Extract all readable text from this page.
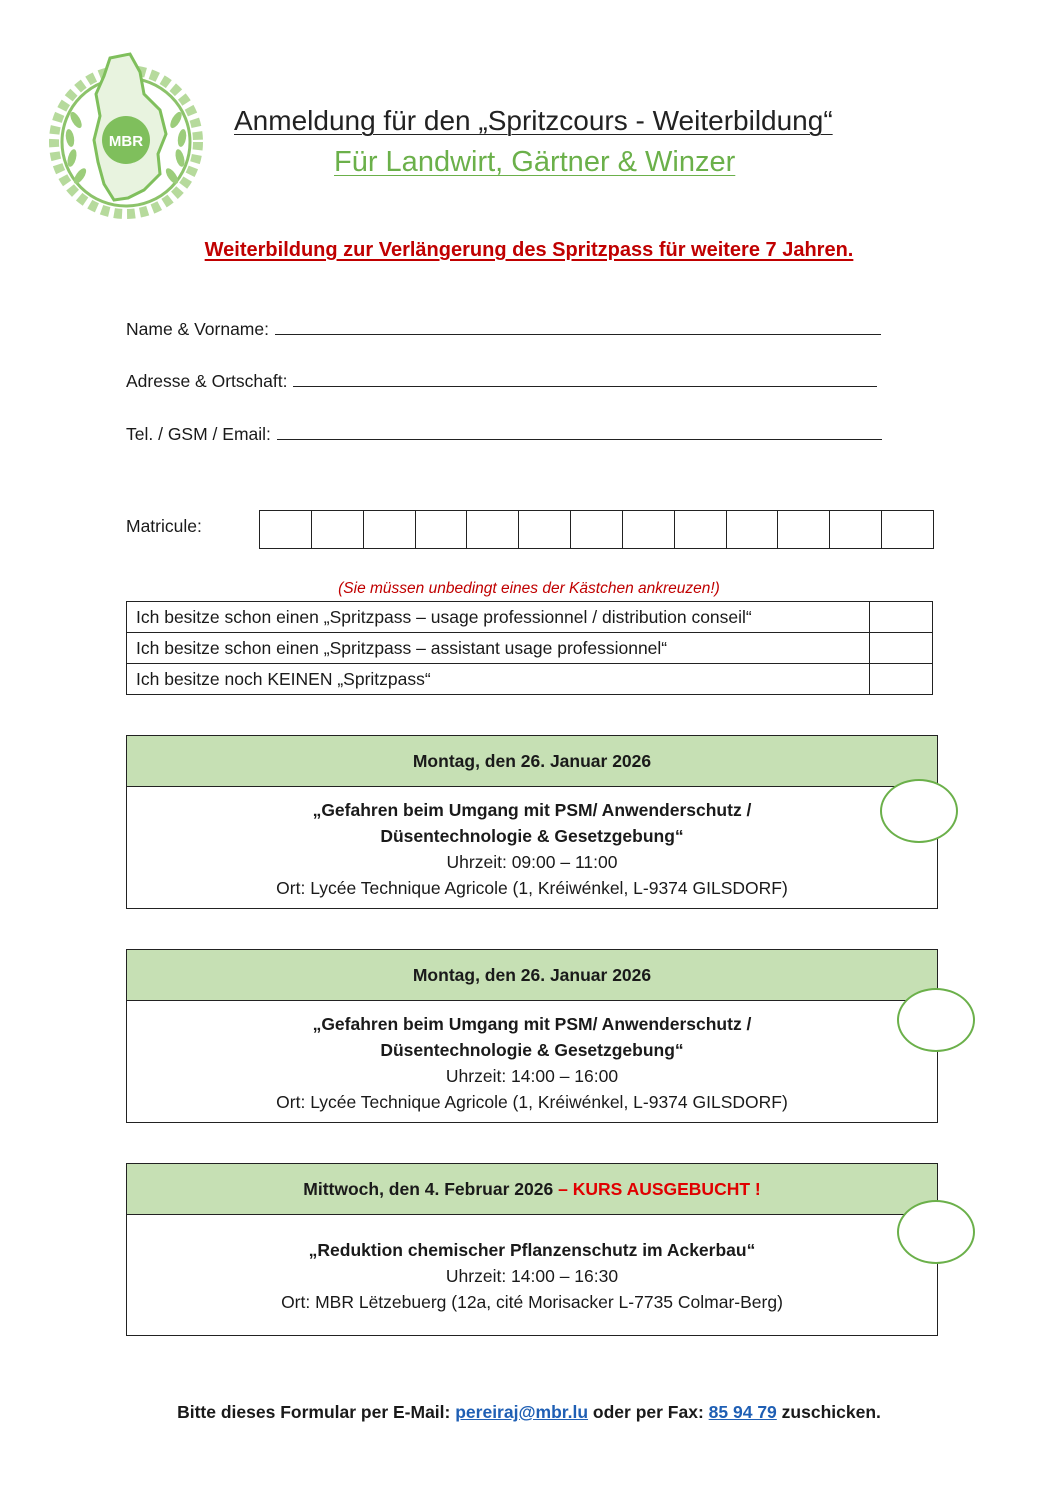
MBR
Anmeldung für den „Spritzcours - Weiterbildung“
Für Landwirt, Gärtner & Winzer
Weiterbildung zur Verlängerung des Spritzpass für weitere 7 Jahren.
Name & Vorname:
Adresse & Ortschaft:
Tel. / GSM / Email:
Matricule:
(Sie müssen unbedingt eines der Kästchen ankreuzen!)
Ich besitze schon einen „Spritzpass – usage professionnel / distribution conseil“	
Ich besitze schon einen „Spritzpass – assistant usage professionnel“	
Ich besitze noch KEINEN „Spritzpass“	
Montag, den 26. Januar 2026
„Gefahren beim Umgang mit PSM/ Anwenderschutz /
Düsentechnologie & Gesetzgebung“
Uhrzeit: 09:00 – 11:00
Ort: Lycée Technique Agricole (1, Kréiwénkel, L-9374 GILSDORF)
Montag, den 26. Januar 2026
„Gefahren beim Umgang mit PSM/ Anwenderschutz /
Düsentechnologie & Gesetzgebung“
Uhrzeit: 14:00 – 16:00
Ort: Lycée Technique Agricole (1, Kréiwénkel, L-9374 GILSDORF)
Mittwoch, den 4. Februar 2026 – KURS AUSGEBUCHT !
„Reduktion chemischer Pflanzenschutz im Ackerbau“
Uhrzeit: 14:00 – 16:30
Ort: MBR Lëtzebuerg (12a, cité Morisacker L-7735 Colmar-Berg)
Bitte dieses Formular per E-Mail: pereiraj@mbr.lu oder per Fax: 85 94 79 zuschicken.
